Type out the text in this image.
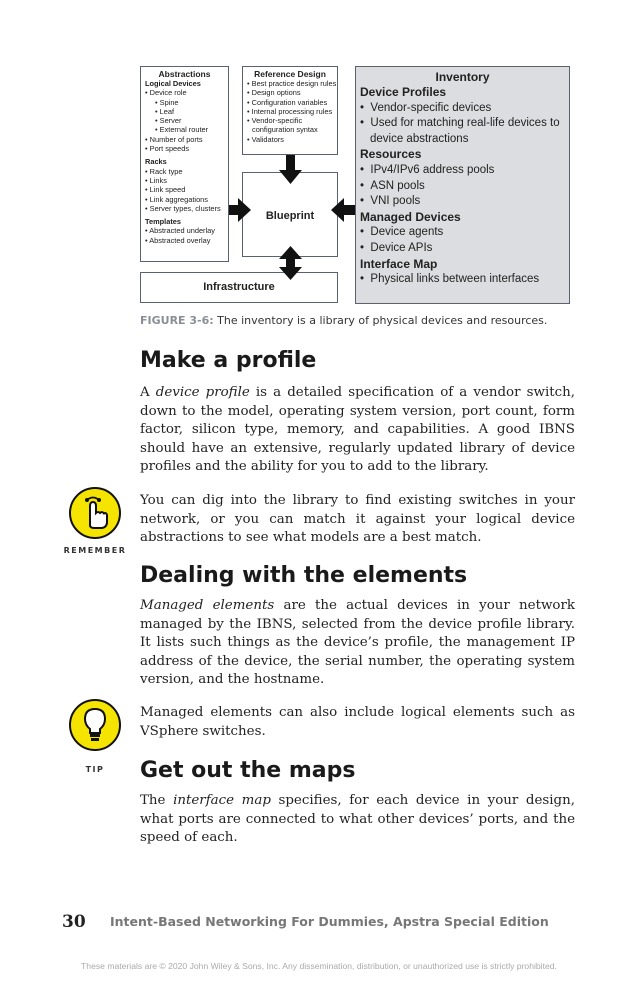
Abstractions
Logical Devices
• Device role
• Spine
• Leaf
• Server
• External router
• Number of ports
• Port speeds

Racks
• Rack type
• Links
• Link speed
• Link aggregations
• Server types, clusters

Templates
• Abstracted underlay
• Abstracted overlay
Reference Design
• Best practice design rules
• Design options
• Configuration variables
• Internal processing rules
• Vendor-specific
configuration syntax
• Validators
Blueprint
Infrastructure
Inventory
Device Profiles
•  Vendor-specific devices
•  Used for matching real-life devices to device abstractions
Resources
•  IPv4/IPv6 address pools
•  ASN pools
•  VNI pools
Managed Devices
•  Device agents
•  Device APIs
Interface Map
•  Physical links between interfaces
FIGURE 3-6: The inventory is a library of physical devices and resources.
Make a profile

A device profile is a detailed specification of a vendor switch, down to the model, operating system version, port count, form factor, silicon type, memory, and capabilities. A good IBNS should have an extensive, regularly updated library of device profiles and the ability for you to add to the library.

REMEMBER

You can dig into the library to find existing switches in your network, or you can match it against your logical device abstractions to see what models are a best match.

Dealing with the elements

Managed elements are the actual devices in your network managed by the IBNS, selected from the device profile library. It lists such things as the device’s profile, the management IP address of the device, the serial number, the operating system version, and the hostname.

TIP

Managed elements can also include logical elements such as VSphere switches.

Get out the maps

The interface map specifies, for each device in your design, what ports are connected to what other devices’ ports, and the speed of each.

30 Intent-Based Networking For Dummies, Apstra Special Edition
These materials are © 2020 John Wiley & Sons, Inc. Any dissemination, distribution, or unauthorized use is strictly prohibited.
